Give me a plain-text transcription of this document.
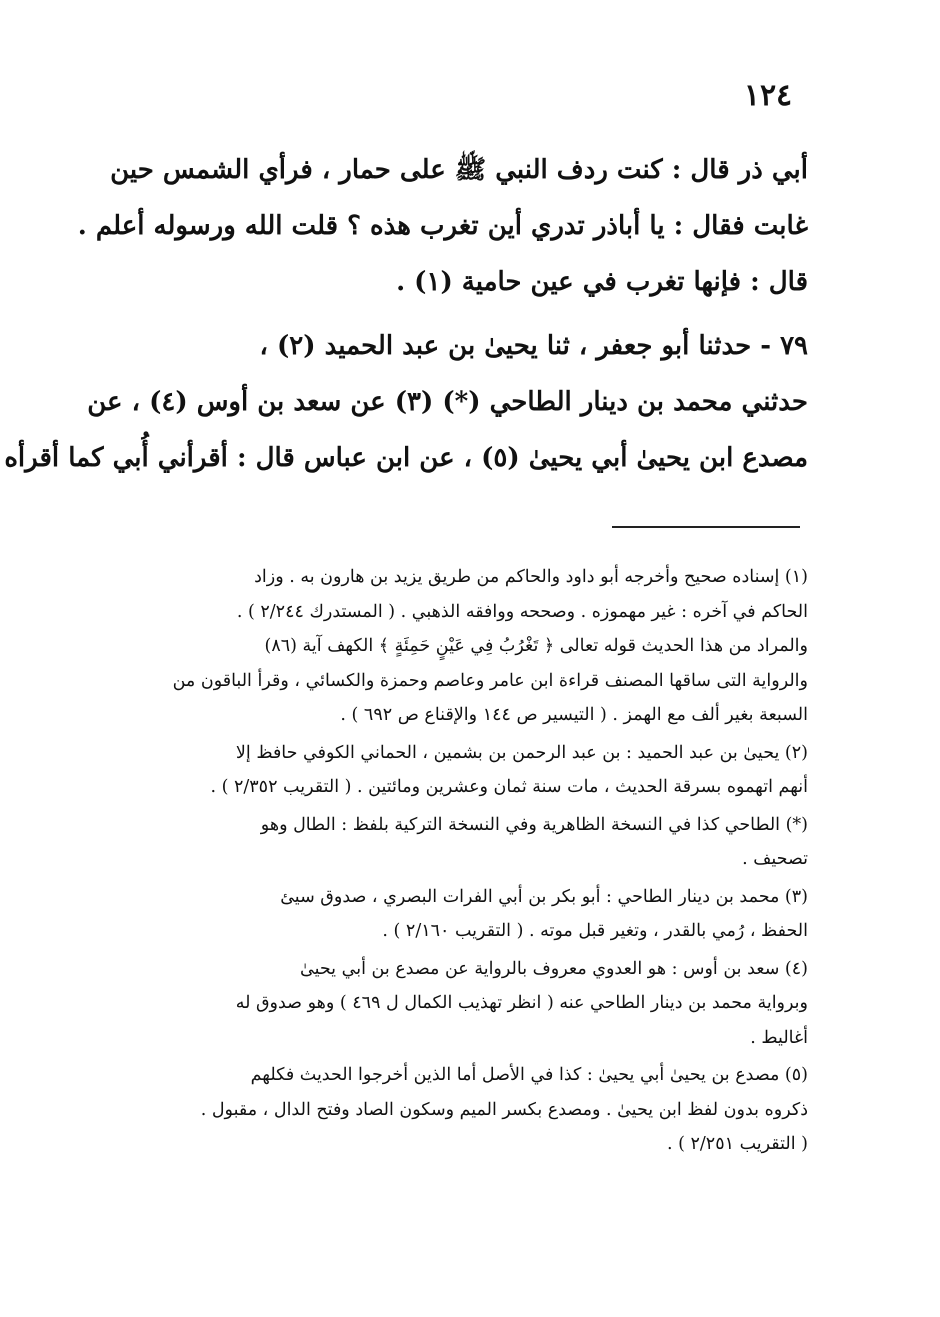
١٢٤
أبي ذر قال : كنت ردف النبي ﷺ على حمار ، فرأي الشمس حين
غابت فقال : يا أباذر تدري أين تغرب هذه ؟ قلت الله ورسوله أعلم .
قال : فإنها تغرب في عين حامية (١) .
٧٩ - حدثنا أبو جعفر ، ثنا يحيىٰ بن عبد الحميد (٢) ،
حدثني محمد بن دينار الطاحي (*) (٣) عن سعد بن أوس (٤) ، عن
مصدع ابن يحيىٰ أبي يحيىٰ (٥) ، عن ابن عباس قال : أقرأني أُبي كما أقرأه
(١) إسناده صحيح وأخرجه أبو داود والحاكم من طريق يزيد بن هارون به . وزاد
الحاكم في آخره : غير مهموزه . وصححه ووافقه الذهبي . ( المستدرك ٢/٢٤٤ ) .
والمراد من هذا الحديث قوله تعالى ﴿ تَغْرُبُ فِي عَيْنٍ حَمِئَةٍ ﴾ الكهف آية (٨٦)
والرواية التى ساقها المصنف قراءة ابن عامر وعاصم وحمزة والكسائي ، وقرأ الباقون من
السبعة بغير ألف مع الهمز . ( التيسير ص ١٤٤ والإقناع ص ٦٩٢ ) .
(٢) يحيىٰ بن عبد الحميد : بن عبد الرحمن بن بشمين ، الحماني الكوفي حافظ إلا
أنهم اتهموه بسرقة الحديث ، مات سنة ثمان وعشرين ومائتين . ( التقريب ٢/٣٥٢ ) .
(*) الطاحي كذا في النسخة الظاهرية وفي النسخة التركية بلفظ : الطال وهو
تصحيف .
(٣) محمد بن دينار الطاحي : أبو بكر بن أبي الفرات البصري ، صدوق سيئ
الحفظ ، رُمي بالقدر ، وتغير قبل موته . ( التقريب ٢/١٦٠ ) .
(٤) سعد بن أوس : هو العدوي معروف بالرواية عن مصدع بن أبي يحيىٰ
وبرواية محمد بن دينار الطاحي عنه ( انظر تهذيب الكمال ل ٤٦٩ ) وهو صدوق له
أغاليط .
(٥) مصدع بن يحيىٰ أبي يحيىٰ : كذا في الأصل أما الذين أخرجوا الحديث فكلهم
ذكروه بدون لفظ ابن يحيىٰ . ومصدع بكسر الميم وسكون الصاد وفتح الدال ، مقبول .
( التقريب ٢/٢٥١ ) .
